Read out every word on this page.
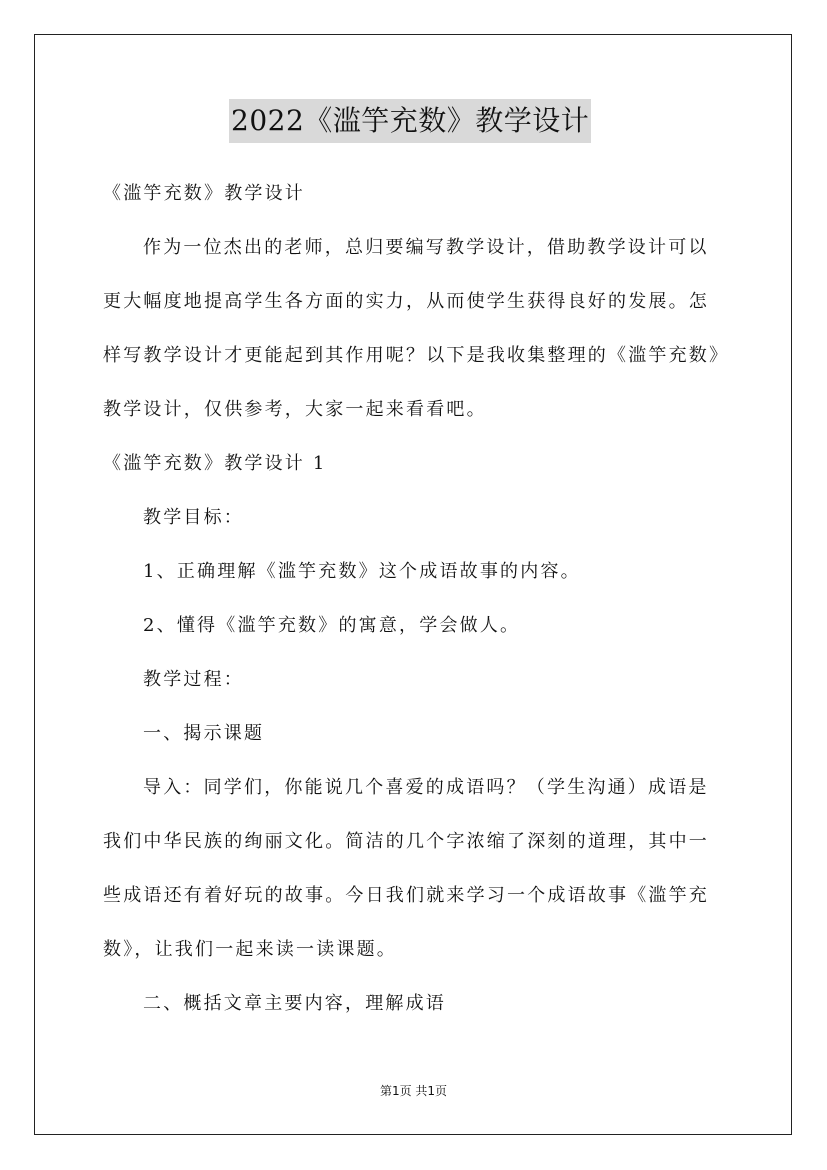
2022《滥竽充数》教学设计
《滥竽充数》教学设计
作为一位杰出的老师，总归要编写教学设计，借助教学设计可以
更大幅度地提高学生各方面的实力，从而使学生获得良好的发展。怎
样写教学设计才更能起到其作用呢？以下是我收集整理的《滥竽充数》
教学设计，仅供参考，大家一起来看看吧。
《滥竽充数》教学设计 1
教学目标：
1、正确理解《滥竽充数》这个成语故事的内容。
2、懂得《滥竽充数》的寓意，学会做人。
教学过程：
一、揭示课题
导入：同学们，你能说几个喜爱的成语吗？（学生沟通）成语是
我们中华民族的绚丽文化。简洁的几个字浓缩了深刻的道理，其中一
些成语还有着好玩的故事。今日我们就来学习一个成语故事《滥竽充
数》，让我们一起来读一读课题。
二、概括文章主要内容，理解成语
第1页 共1页
